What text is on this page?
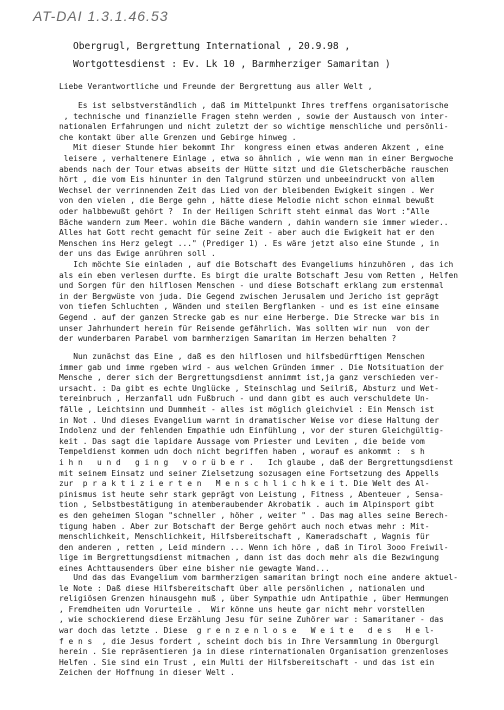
AT-DAI 1.3.1.46.53
Obergrugl, Bergrettung International , 20.9.98 ,
Wortgottesdienst : Ev. Lk 10 , Barmherziger Samaritan )
Liebe Verantwortliche und Freunde der Bergrettung aus aller Welt ,
Es ist selbstverständlich , daß im Mittelpunkt Ihres treffens organisatorische
, technische und finanzielle Fragen stehn werden , sowie der Austausch von inter-
nationalen Erfahrungen und nicht zuletzt der so wichtige menschliche und persönli-
che kontakt über alle Grenzen und Gebirge hinweg .
Mit dieser Stunde hier bekommt Ihr  kongress einen etwas anderen Akzent , eine
leisere , verhaltenere Einlage , etwa so ähnlich , wie wenn man in einer Bergwoche
abends nach der Tour etwas abseits der Hütte sitzt und die Gletscherbäche rauschen
hört , die vom Eis hinunter in den Talgrund stürzen und unbeeindruckt von allem
Wechsel der verrinnenden Zeit das Lied von der bleibenden Ewigkeit singen . Wer
von den vielen , die Berge gehn , hätte diese Melodie nicht schon einmal bewußt
oder halbbewußt gehört ?  In der Heiligen Schrift steht einmal das Wort :"Alle
Bäche wandern zum Meer. wohin die Bäche wandern , dahin wandern sie immer wieder..
Alles hat Gott recht gemacht für seine Zeit - aber auch die Ewigkeit hat er den
Menschen ins Herz gelegt ..." (Prediger 1) . Es wäre jetzt also eine Stunde , in
der uns das Ewige anrühren soll .
Ich möchte Sie einladen , auf die Botschaft des Evangeliums hinzuhören , das ich
als ein eben verlesen durfte. Es birgt die uralte Botschaft Jesu vom Retten , Helfen
und Sorgen für den hilflosen Menschen - und diese Botschaft erklang zum erstenmal
in der Bergwüste von juda. Die Gegend zwischen Jerusalem und Jericho ist geprägt
von tiefen Schluchten , Wänden und steilen Bergflanken - und es ist eine einsame
Gegend . auf der ganzen Strecke gab es nur eine Herberge. Die Strecke war bis in
unser Jahrhundert herein für Reisende gefährlich. Was sollten wir nun  von der
der wunderbaren Parabel vom barmherzigen Samaritan im Herzen behalten ?
Nun zunächst das Eine , daß es den hilflosen und hilfsbedürftigen Menschen
immer gab und imme rgeben wird - aus welchen Gründen immer . Die Notsituation der
Mensche , derer sich der Bergrettungsdienst annimmt ist,ja ganz verschieden ver-
ursacht. : Da gibt es echte Unglücke , Steinschlag und Seilriß, Absturz und Wet-
tereinbruch , Herzanfall udn Fußbruch - und dann gibt es auch verschuldete Un-
fälle , Leichtsinn und Dummheit - alles ist möglich gleichviel : Ein Mensch ist
in Not . Und dieses Evangelium warnt in dramatischer Weise vor diese Haltung der
Indolenz und der fehlenden Empathie udn Einfühlung , vor der sturen Gleichgültig-
keit . Das sagt die lapidare Aussage vom Priester und Leviten , die beide vom
Tempeldienst kommen udn doch nicht begriffen haben , worauf es ankommt :  s h
i h n   u n d   g i n g   v o r ü b e r .   Ich glaube , daß der Bergrettungsdienst
mit seinem Einsatz und seiner Zielsetzung sozusagen eine Fortsetzung des Appells
zur  p r a k t i z i e r t e n   M e n s c h l i c h k e i t. Die Welt des Al-
pinismus ist heute sehr stark geprägt von Leistung , Fitness , Abenteuer , Sensa-
tion , Selbstbestätigung in atemberaubender Akrobatik . auch im Alpinsport gibt
es den geheimen Slogan "schneller , höher , weiter " . Das mag alles seine Berech-
tigung haben . Aber zur Botschaft der Berge gehört auch noch etwas mehr : Mit-
menschlichkeit, Menschlichkeit, Hilfsbereitschaft , Kameradschaft , Wagnis für
den anderen , retten , Leid mindern ... Wenn ich höre , daß in Tirol 3ooo Freiwil-
lige im Bergrettungsdienst mitmachen , dann ist das doch mehr als die Bezwingung
eines Achttausenders über eine bisher nie gewagte Wand...
Und das das Evangelium vom barmherzigen samaritan bringt noch eine andere aktuel-
le Note : Daß diese Hilfsbereitschaft über alle persönlichen , nationalen und
religiösen Grenzen hinausgehn muß , über Sympathie udn Antipathie , über Hemmungen
, Fremdheiten udn Vorurteile .  Wir könne uns heute gar nicht mehr vorstellen
, wie schockierend diese Erzählung Jesu für seine Zuhörer war : Samaritaner - das
war doch das letzte . Diese  g r e n z e n l o s e   W e i t e   d e s   H e l-
f e n s  , die Jesus fordert , scheint doch bis in Ihre Versammlung in Obergurgl
herein . Sie repräsentieren ja in diese rinternationalen Organisation grenzenloses
Helfen . Sie sind ein Trust , ein Multi der Hilfsbereitschaft - und das ist ein
Zeichen der Hoffnung in dieser Welt .
